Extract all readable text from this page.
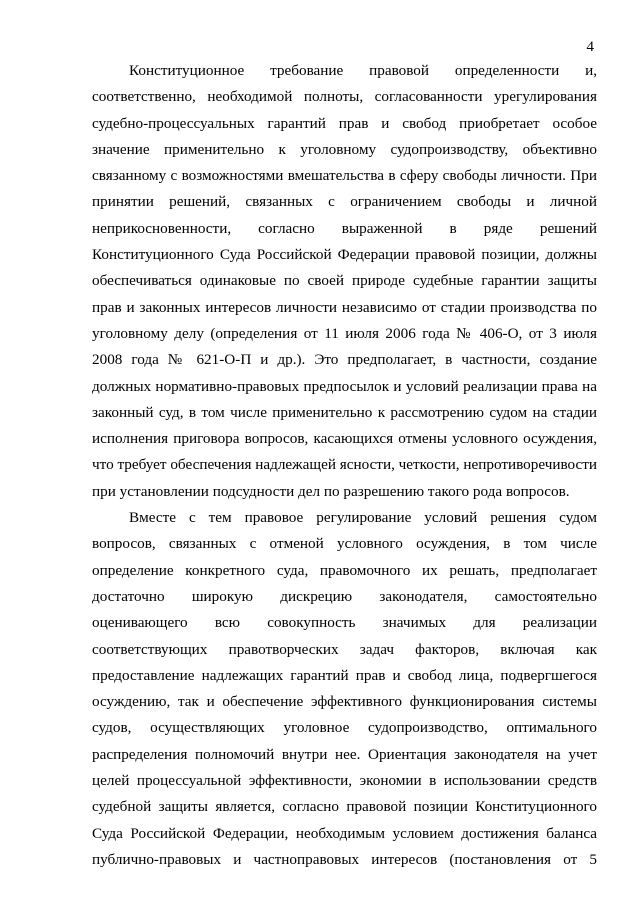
4
Конституционное требование правовой определенности и,
соответственно, необходимой полноты, согласованности урегулирования
судебно-процессуальных гарантий прав и свобод приобретает особое
значение применительно к уголовному судопроизводству, объективно
связанному с возможностями вмешательства в сферу свободы личности. При
принятии решений, связанных с ограничением свободы и личной
неприкосновенности, согласно выраженной в ряде решений
Конституционного Суда Российской Федерации правовой позиции, должны
обеспечиваться одинаковые по своей природе судебные гарантии защиты
прав и законных интересов личности независимо от стадии производства по
уголовному делу (определения от 11 июля 2006 года № 406-О, от 3 июля
2008 года № 621-О-П и др.). Это предполагает, в частности, создание
должных нормативно-правовых предпосылок и условий реализации права на
законный суд, в том числе применительно к рассмотрению судом на стадии
исполнения приговора вопросов, касающихся отмены условного осуждения,
что требует обеспечения надлежащей ясности, четкости, непротиворечивости
при установлении подсудности дел по разрешению такого рода вопросов.
Вместе с тем правовое регулирование условий решения судом
вопросов, связанных с отменой условного осуждения, в том числе
определение конкретного суда, правомочного их решать, предполагает
достаточно широкую дискрецию законодателя, самостоятельно
оценивающего всю совокупность значимых для реализации
соответствующих правотворческих задач факторов, включая как
предоставление надлежащих гарантий прав и свобод лица, подвергшегося
осуждению, так и обеспечение эффективного функционирования системы
судов, осуществляющих уголовное судопроизводство, оптимального
распределения полномочий внутри нее. Ориентация законодателя на учет
целей процессуальной эффективности, экономии в использовании средств
судебной защиты является, согласно правовой позиции Конституционного
Суда Российской Федерации, необходимым условием достижения баланса
публично-правовых и частноправовых интересов (постановления от 5
